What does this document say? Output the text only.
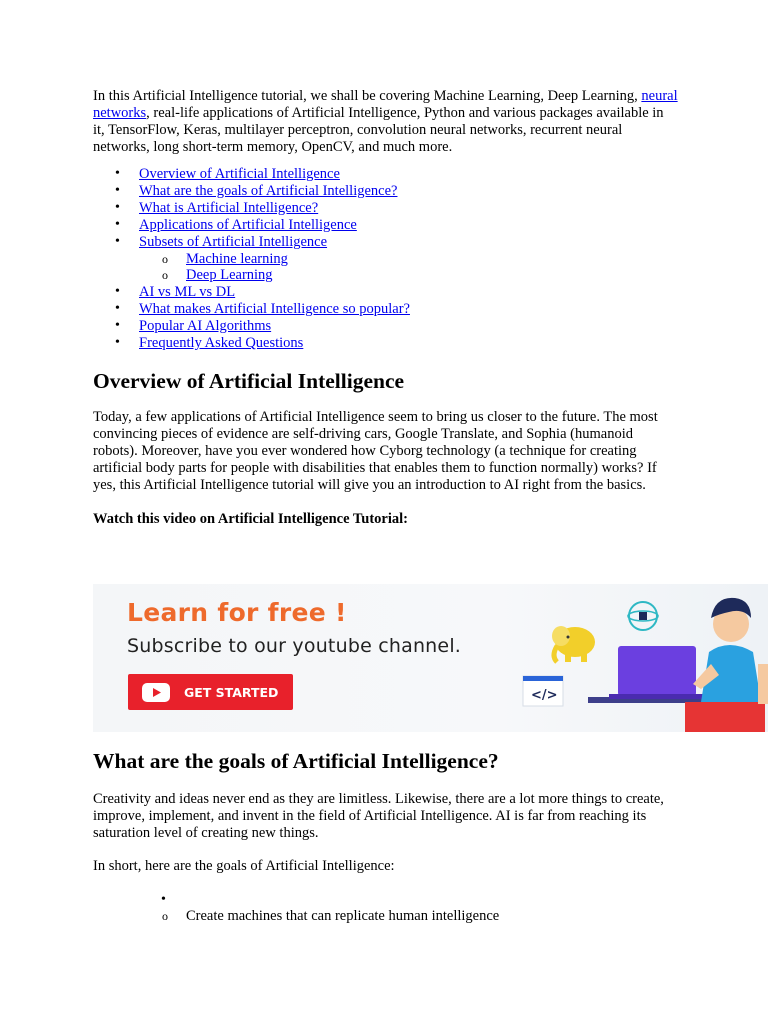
In this Artificial Intelligence tutorial, we shall be covering Machine Learning, Deep Learning, neural networks, real-life applications of Artificial Intelligence, Python and various packages available in it, TensorFlow, Keras, multilayer perceptron, convolution neural networks, recurrent neural networks, long short-term memory, OpenCV, and much more.

• Overview of Artificial Intelligence
• What are the goals of Artificial Intelligence?
• What is Artificial Intelligence?
• Applications of Artificial Intelligence
• Subsets of Artificial Intelligence
o Machine learning
o Deep Learning
• AI vs ML vs DL
• What makes Artificial Intelligence so popular?
• Popular AI Algorithms
• Frequently Asked Questions
Overview of Artificial Intelligence

Today, a few applications of Artificial Intelligence seem to bring us closer to the future. The most convincing pieces of evidence are self-driving cars, Google Translate, and Sophia (humanoid robots). Moreover, have you ever wondered how Cyborg technology (a technique for creating artificial body parts for people with disabilities that enables them to function normally) works? If yes, this Artificial Intelligence tutorial will give you an introduction to AI right from the basics.

Watch this video on Artificial Intelligence Tutorial:

Learn for free !
Subscribe to our youtube channel.
GET STARTED	</>
What are the goals of Artificial Intelligence?

Creativity and ideas never end as they are limitless. Likewise, there are a lot more things to create, improve, implement, and invent in the field of Artificial Intelligence. AI is far from reaching its saturation level of creating new things.

In short, here are the goals of Artificial Intelligence:

•
o Create machines that can replicate human intelligence
